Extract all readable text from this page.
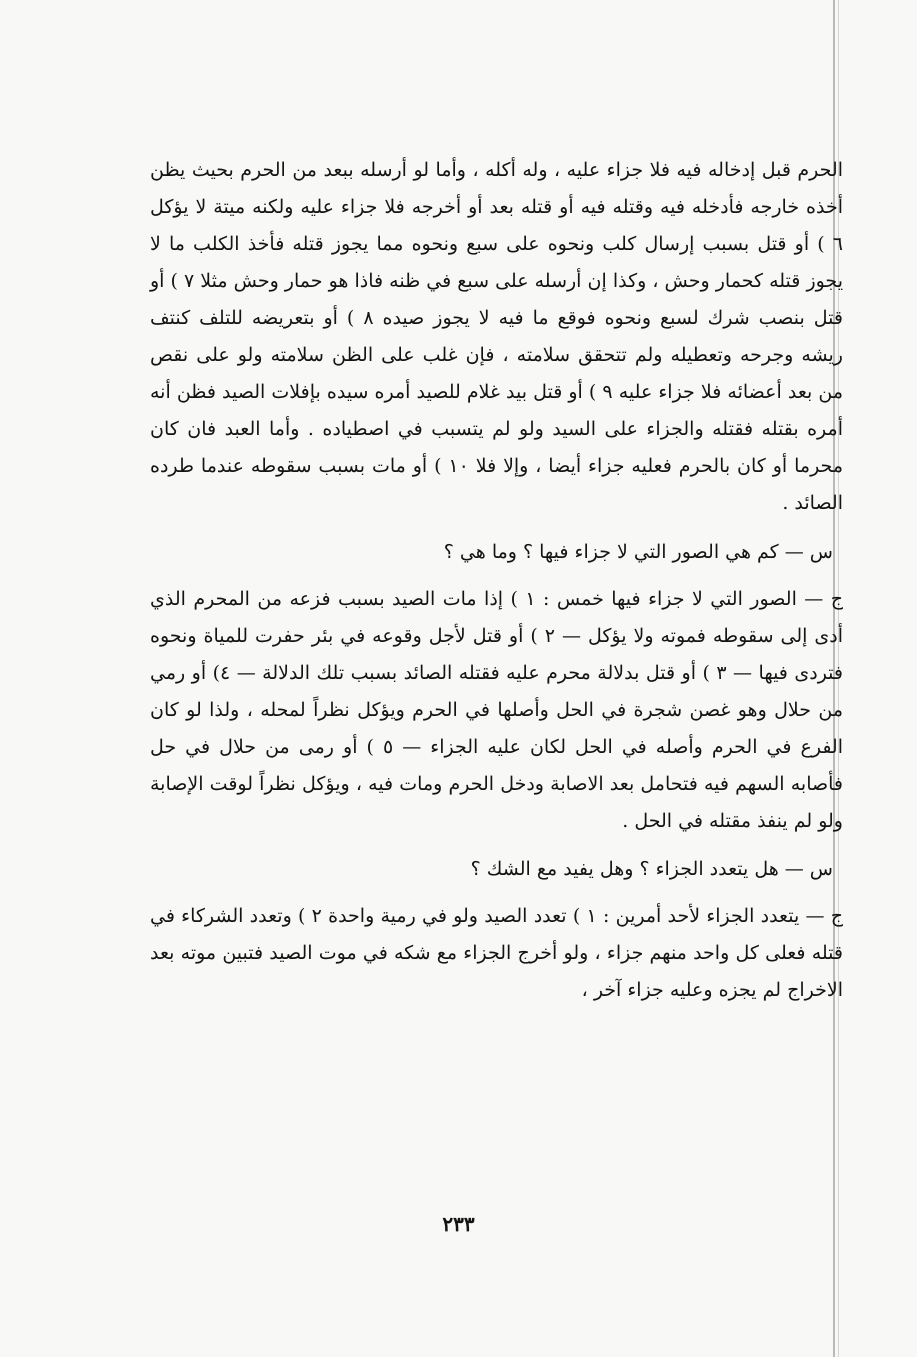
الحرم قبل إدخاله فيه فلا جزاء عليه ، وله أكله ، وأما لو أرسله ببعد من الحرم بحيث يظن أخذه خارجه فأدخله فيه وقتله فيه أو قتله بعد أو أخرجه فلا جزاء عليه ولكنه ميتة لا يؤكل ٦ ) أو قتل بسبب إرسال كلب ونحوه على سبع ونحوه مما يجوز قتله فأخذ الكلب ما لا يجوز قتله كحمار وحش ، وكذا إن أرسله على سبع في ظنه فاذا هو حمار وحش مثلا ٧ ) أو قتل بنصب شرك لسبع ونحوه فوقع ما فيه لا يجوز صيده ٨ ) أو بتعريضه للتلف كنتف ريشه وجرحه وتعطيله ولم تتحقق سلامته ، فإن غلب على الظن سلامته ولو على نقص من بعد أعضائه فلا جزاء عليه ٩ ) أو قتل بيد غلام للصيد أمره سيده بإفلات الصيد فظن أنه أمره بقتله فقتله والجزاء على السيد ولو لم يتسبب في اصطياده . وأما العبد فان كان محرما أو كان بالحرم فعليه جزاء أيضا ، وإلا فلا ١٠ ) أو مات بسبب سقوطه عندما طرده الصائد .

س — كم هي الصور التي لا جزاء فيها ؟ وما هي ؟

ج — الصور التي لا جزاء فيها خمس : ١ ) إذا مات الصيد بسبب فزعه من المحرم الذي أدى إلى سقوطه فموته ولا يؤكل — ٢ ) أو قتل لأجل وقوعه في بئر حفرت للمياة ونحوه فتردى فيها — ٣ ) أو قتل بدلالة محرم عليه فقتله الصائد بسبب تلك الدلالة — ٤) أو رمي من حلال وهو غصن شجرة في الحل وأصلها في الحرم ويؤكل نظراً لمحله ، ولذا لو كان الفرع في الحرم وأصله في الحل لكان عليه الجزاء — ٥ ) أو رمى من حلال في حل فأصابه السهم فيه فتحامل بعد الاصابة ودخل الحرم ومات فيه ، ويؤكل نظراً لوقت الإصابة ولو لم ينفذ مقتله في الحل .

س — هل يتعدد الجزاء ؟ وهل يفيد مع الشك ؟

ج — يتعدد الجزاء لأحد أمرين : ١ ) تعدد الصيد ولو في رمية واحدة ٢ ) وتعدد الشركاء في قتله فعلى كل واحد منهم جزاء ، ولو أخرج الجزاء مع شكه في موت الصيد فتبين موته بعد الاخراج لم يجزه وعليه جزاء آخر ،

٢٣٣
